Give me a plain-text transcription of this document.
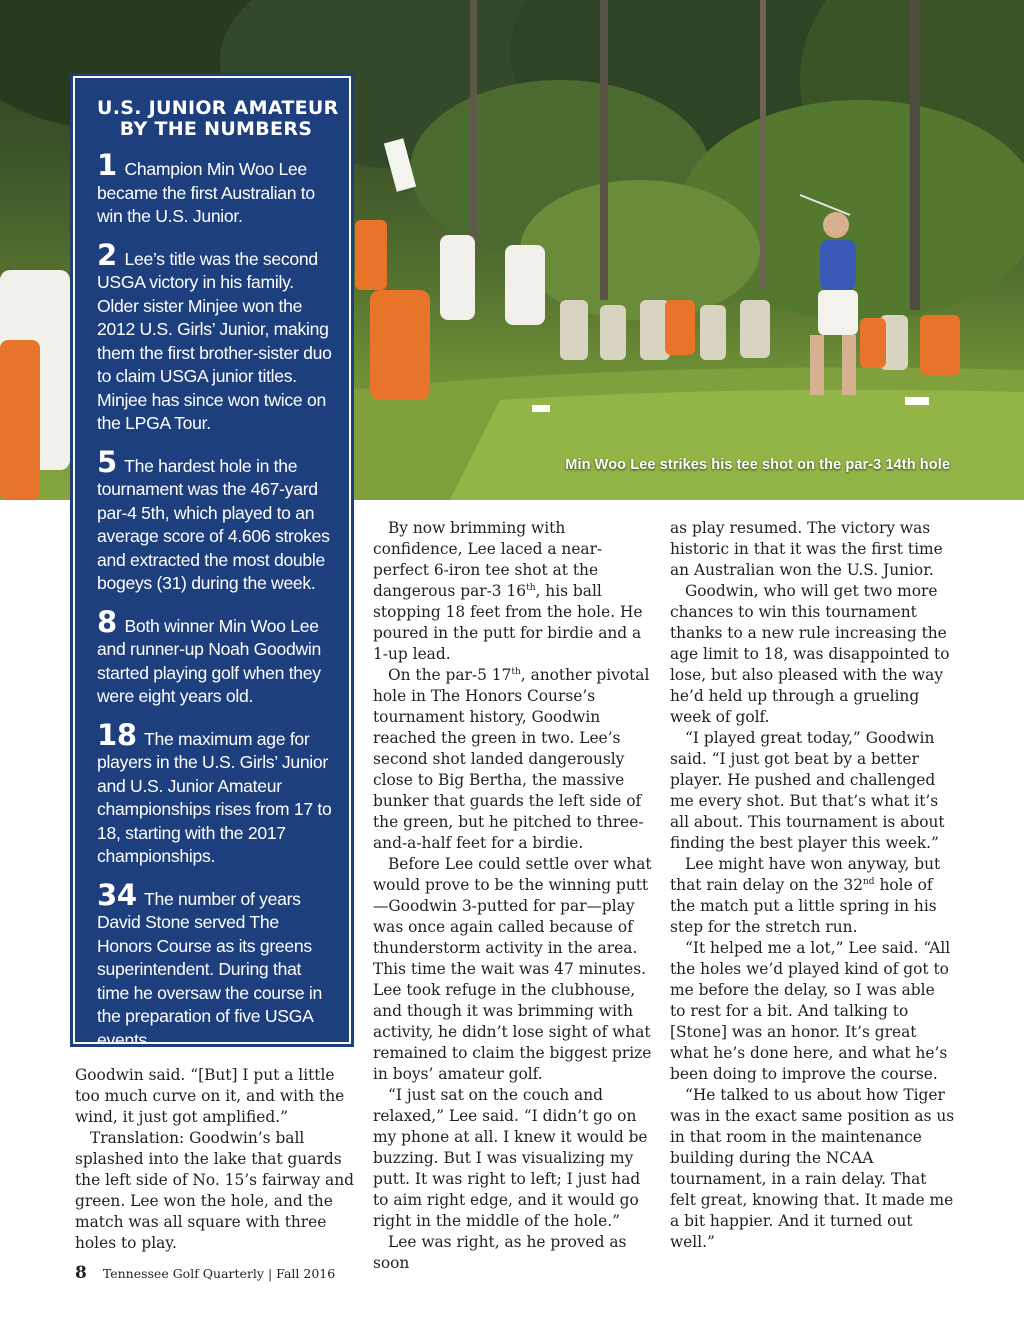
Min Woo Lee strikes his tee shot on the par-3 14th hole
U.S. JUNIOR AMATEUR
BY THE NUMBERS
1 Champion Min Woo Lee became the first Australian to win the U.S. Junior.
2 Lee’s title was the second USGA victory in his family. Older sister Minjee won the 2012 U.S. Girls’ Junior, making them the first brother-sister duo to claim USGA junior titles. Minjee has since won twice on the LPGA Tour.
5 The hardest hole in the tournament was the 467-yard par-4 5th, which played to an average score of 4.606 strokes and extracted the most double bogeys (31) during the week.
8 Both winner Min Woo Lee and runner-up Noah Goodwin started playing golf when they were eight years old.
18 The maximum age for players in the U.S. Girls’ Junior and U.S. Junior Amateur championships rises from 17 to 18, starting with the 2017 championships.
34 The number of years David Stone served The Honors Course as its greens superintendent. During that time he oversaw the course in the preparation of five USGA events.

Goodwin said. “[But] I put a little too much curve on it, and with the wind, it just got amplified.”

Translation: Goodwin’s ball splashed into the lake that guards the left side of No. 15’s fairway and green. Lee won the hole, and the match was all square with three holes to play.

By now brimming with confidence, Lee laced a near-perfect 6-iron tee shot at the dangerous par-3 16th, his ball stopping 18 feet from the hole. He poured in the putt for birdie and a 1-up lead.

On the par-5 17th, another pivotal hole in The Honors Course’s tournament history, Goodwin reached the green in two. Lee’s second shot landed dangerously close to Big Bertha, the massive bunker that guards the left side of the green, but he pitched to three-and-a-half feet for a birdie.

Before Lee could settle over what would prove to be the winning putt—Goodwin 3-putted for par—play was once again called because of thunderstorm activity in the area. This time the wait was 47 minutes. Lee took refuge in the clubhouse, and though it was brimming with activity, he didn’t lose sight of what remained to claim the biggest prize in boys’ amateur golf.

“I just sat on the couch and relaxed,” Lee said. “I didn’t go on my phone at all. I knew it would be buzzing. But I was visualizing my putt. It was right to left; I just had to aim right edge, and it would go right in the middle of the hole.”

Lee was right, as he proved as soon

as play resumed. The victory was historic in that it was the first time an Australian won the U.S. Junior.

Goodwin, who will get two more chances to win this tournament thanks to a new rule increasing the age limit to 18, was disappointed to lose, but also pleased with the way he’d held up through a grueling week of golf.

“I played great today,” Goodwin said. “I just got beat by a better player. He pushed and challenged me every shot. But that’s what it’s all about. This tournament is about finding the best player this week.”

Lee might have won anyway, but that rain delay on the 32nd hole of the match put a little spring in his step for the stretch run.

“It helped me a lot,” Lee said. “All the holes we’d played kind of got to me before the delay, so I was able to rest for a bit. And talking to [Stone] was an honor. It’s great what he’s done here, and what he’s been doing to improve the course.

“He talked to us about how Tiger was in the exact same position as us in that room in the maintenance building during the NCAA tournament, in a rain delay. That felt great, knowing that. It made me a bit happier. And it turned out well.”

8 Tennessee Golf Quarterly | Fall 2016
